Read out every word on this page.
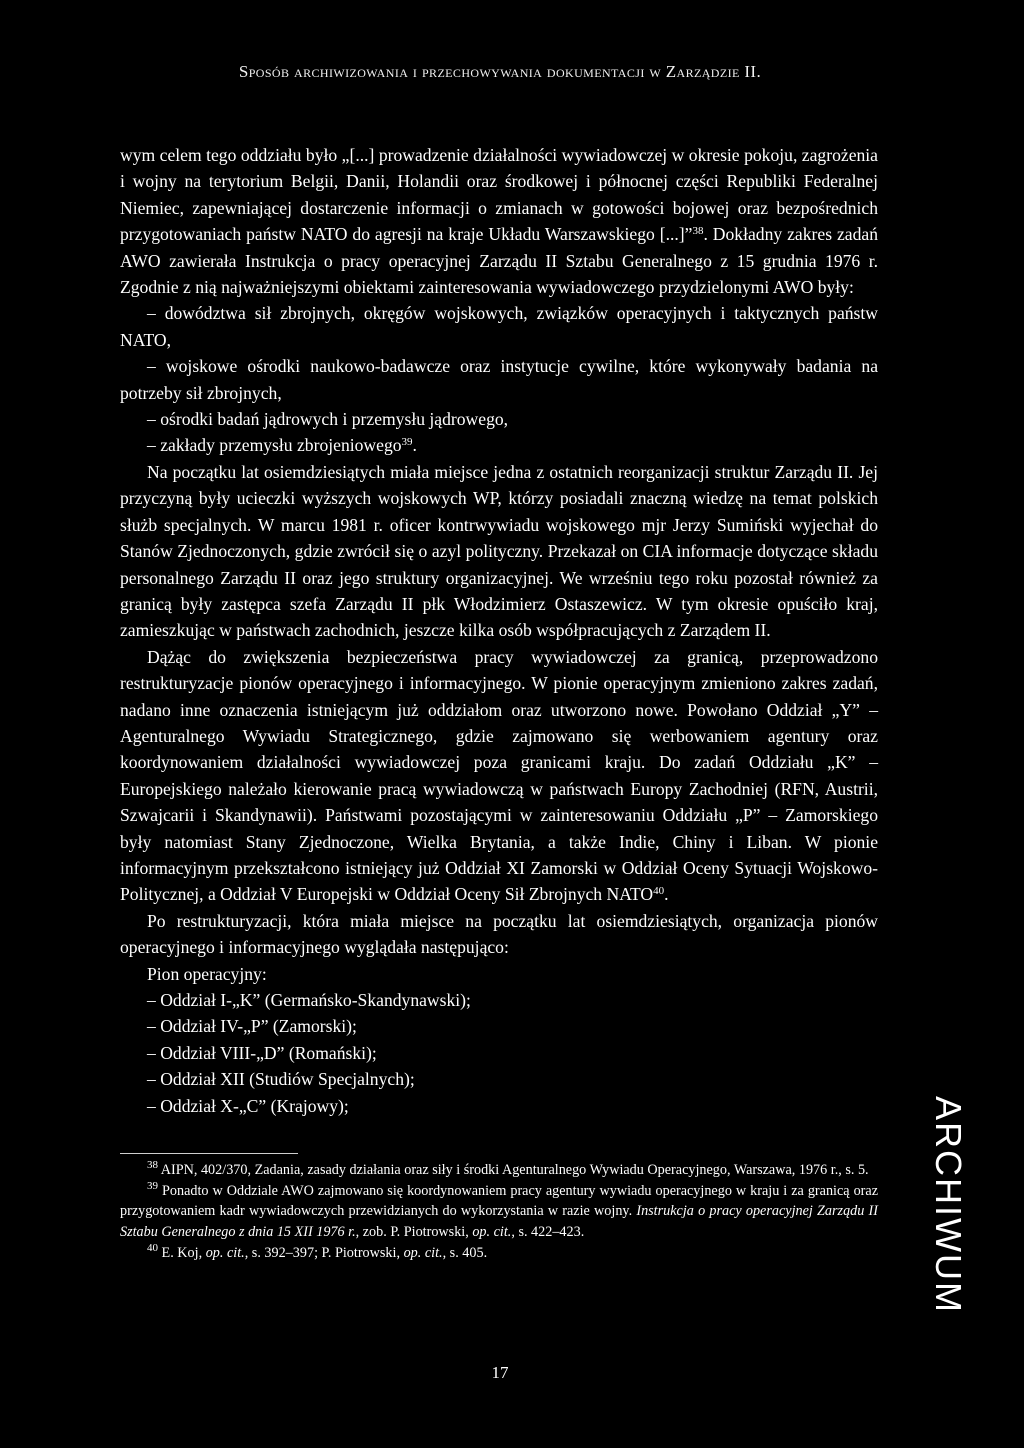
Sposób archiwizowania i przechowywania dokumentacji w Zarządzie II.

wym celem tego oddziału było „[...] prowadzenie działalności wywiadowczej w okresie pokoju, zagrożenia i wojny na terytorium Belgii, Danii, Holandii oraz środkowej i północnej części Republiki Federalnej Niemiec, zapewniającej dostarczenie informacji o zmianach w gotowości bojowej oraz bezpośrednich przygotowaniach państw NATO do agresji na kraje Układu Warszawskiego [...]”$^{38}$. Dokładny zakres zadań AWO zawierała Instrukcja o pracy operacyjnej Zarządu II Sztabu Generalnego z 15 grudnia 1976 r. Zgodnie z nią najważniejszymi obiektami zainteresowania wywiadowczego przydzielonymi AWO były:

– dowództwa sił zbrojnych, okręgów wojskowych, związków operacyjnych i taktycznych państw NATO,

– wojskowe ośrodki naukowo-badawcze oraz instytucje cywilne, które wykonywały badania na potrzeby sił zbrojnych,

– ośrodki badań jądrowych i przemysłu jądrowego,

– zakłady przemysłu zbrojeniowego$^{39}$.

Na początku lat osiemdziesiątych miała miejsce jedna z ostatnich reorganizacji struktur Zarządu II. Jej przyczyną były ucieczki wyższych wojskowych WP, którzy posiadali znaczną wiedzę na temat polskich służb specjalnych. W marcu 1981 r. oficer kontrwywiadu wojskowego mjr Jerzy Sumiński wyjechał do Stanów Zjednoczonych, gdzie zwrócił się o azyl polityczny. Przekazał on CIA informacje dotyczące składu personalnego Zarządu II oraz jego struktury organizacyjnej. We wrześniu tego roku pozostał również za granicą były zastępca szefa Zarządu II płk Włodzimierz Ostaszewicz. W tym okresie opuściło kraj, zamieszkując w państwach zachodnich, jeszcze kilka osób współpracujących z Zarządem II.

Dążąc do zwiększenia bezpieczeństwa pracy wywiadowczej za granicą, przeprowadzono restrukturyzacje pionów operacyjnego i informacyjnego. W pionie operacyjnym zmieniono zakres zadań, nadano inne oznaczenia istniejącym już oddziałom oraz utworzono nowe. Powołano Oddział „Y” – Agenturalnego Wywiadu Strategicznego, gdzie zajmowano się werbowaniem agentury oraz koordynowaniem działalności wywiadowczej poza granicami kraju. Do zadań Oddziału „K” – Europejskiego należało kierowanie pracą wywiadowczą w państwach Europy Zachodniej (RFN, Austrii, Szwajcarii i Skandynawii). Państwami pozostającymi w zainteresowaniu Oddziału „P” – Zamorskiego były natomiast Stany Zjednoczone, Wielka Brytania, a także Indie, Chiny i Liban. W pionie informacyjnym przekształcono istniejący już Oddział XI Zamorski w Oddział Oceny Sytuacji Wojskowo-Politycznej, a Oddział V Europejski w Oddział Oceny Sił Zbrojnych NATO$^{40}$.

Po restrukturyzacji, która miała miejsce na początku lat osiemdziesiątych, organizacja pionów operacyjnego i informacyjnego wyglądała następująco:

Pion operacyjny:

– Oddział I-„K” (Germańsko-Skandynawski);

– Oddział IV-„P” (Zamorski);

– Oddział VIII-„D” (Romański);

– Oddział XII (Studiów Specjalnych);

– Oddział X-„C” (Krajowy);

$^{38}$ AIPN, 402/370, Zadania, zasady działania oraz siły i środki Agenturalnego Wywiadu Operacyjnego, Warszawa, 1976 r., s. 5.

$^{39}$ Ponadto w Oddziale AWO zajmowano się koordynowaniem pracy agentury wywiadu operacyjnego w kraju i za granicą oraz przygotowaniem kadr wywiadowczych przewidzianych do wykorzystania w razie wojny. Instrukcja o pracy operacyjnej Zarządu II Sztabu Generalnego z dnia 15 XII 1976 r., zob. P. Piotrowski, op. cit., s. 422–423.

$^{40}$ E. Koj, op. cit., s. 392–397; P. Piotrowski, op. cit., s. 405.	ARCHIWUM
17
